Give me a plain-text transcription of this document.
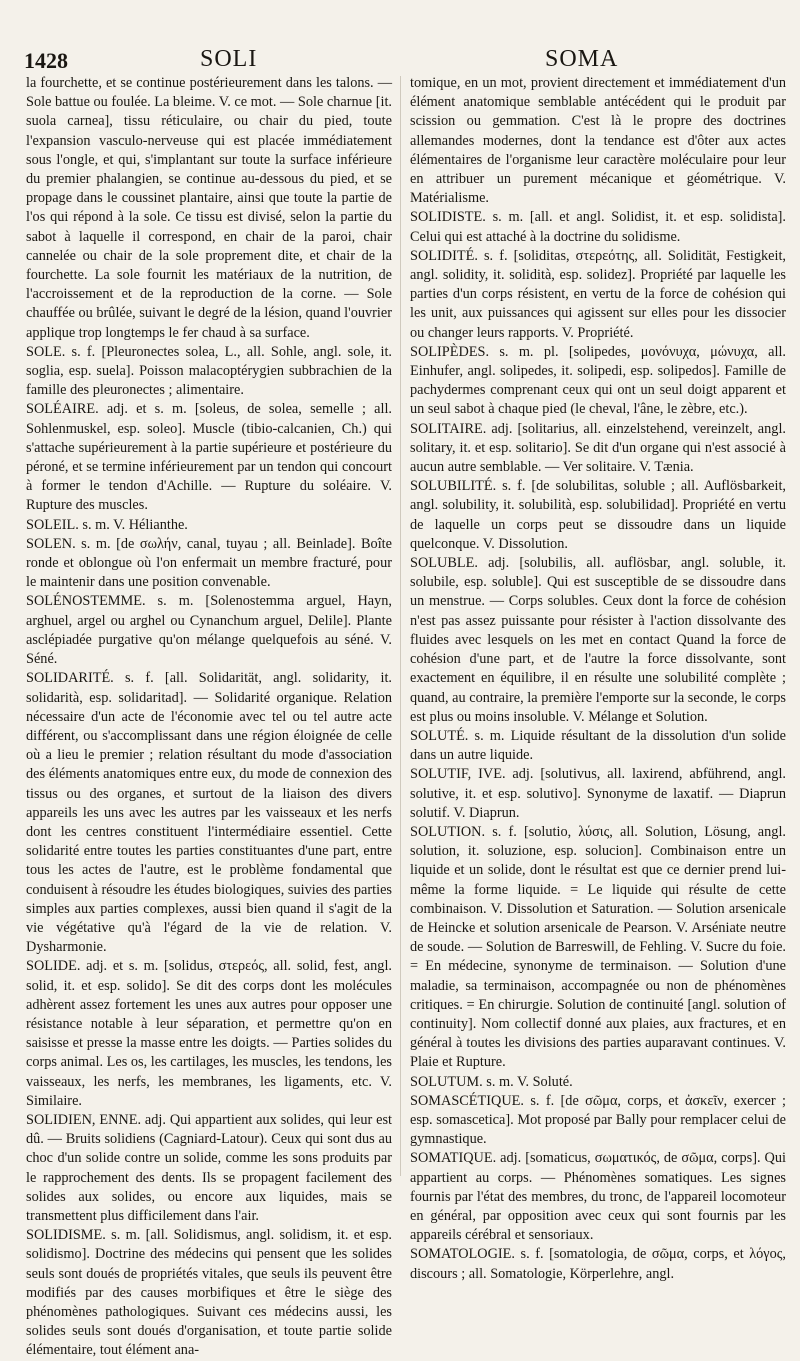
1428	SOLI	SOMA

la fourchette, et se continue postérieurement dans les talons. — Sole battue ou foulée. La bleime. V. ce mot. — Sole charnue [it. suola carnea], tissu réticulaire, ou chair du pied, toute l'expansion vasculo-nerveuse qui est placée immédiatement sous l'ongle, et qui, s'implantant sur toute la surface inférieure du premier phalangien, se continue au-dessous du pied, et se propage dans le coussinet plantaire, ainsi que toute la partie de l'os qui répond à la sole. Ce tissu est divisé, selon la partie du sabot à laquelle il correspond, en chair de la paroi, chair cannelée ou chair de la sole proprement dite, et chair de la fourchette. La sole fournit les matériaux de la nutrition, de l'accroissement et de la reproduction de la corne. — Sole chauffée ou brûlée, suivant le degré de la lésion, quand l'ouvrier applique trop longtemps le fer chaud à sa surface.

SOLE. s. f. [Pleuronectes solea, L., all. Sohle, angl. sole, it. soglia, esp. suela]. Poisson malacoptérygien subbrachien de la famille des pleuronectes ; alimentaire.

SOLÉAIRE. adj. et s. m. [soleus, de solea, semelle ; all. Sohlenmuskel, esp. soleo]. Muscle (tibio-calcanien, Ch.) qui s'attache supérieurement à la partie supérieure et postérieure du péroné, et se termine inférieurement par un tendon qui concourt à former le tendon d'Achille. — Rupture du soléaire. V. Rupture des muscles.

SOLEIL. s. m. V. Hélianthe.

SOLEN. s. m. [de σωλήν, canal, tuyau ; all. Beinlade]. Boîte ronde et oblongue où l'on enfermait un membre fracturé, pour le maintenir dans une position convenable.

SOLÉNOSTEMME. s. m. [Solenostemma arguel, Hayn, arghuel, argel ou arghel ou Cynanchum arguel, Delile]. Plante asclépiadée purgative qu'on mélange quelquefois au séné. V. Séné.

SOLIDARITÉ. s. f. [all. Solidarität, angl. solidarity, it. solidarità, esp. solidaritad]. — Solidarité organique. Relation nécessaire d'un acte de l'économie avec tel ou tel autre acte différent, ou s'accomplissant dans une région éloignée de celle où a lieu le premier ; relation résultant du mode d'association des éléments anatomiques entre eux, du mode de connexion des tissus ou des organes, et surtout de la liaison des divers appareils les uns avec les autres par les vaisseaux et les nerfs dont les centres constituent l'intermédiaire essentiel. Cette solidarité entre toutes les parties constituantes d'une part, entre tous les actes de l'autre, est le problème fondamental que conduisent à résoudre les études biologiques, suivies des parties simples aux parties complexes, aussi bien quand il s'agit de la vie végétative qu'à l'égard de la vie de relation. V. Dysharmonie.

SOLIDE. adj. et s. m. [solidus, στερεός, all. solid, fest, angl. solid, it. et esp. solido]. Se dit des corps dont les molécules adhèrent assez fortement les unes aux autres pour opposer une résistance notable à leur séparation, et permettre qu'on en saisisse et presse la masse entre les doigts. — Parties solides du corps animal. Les os, les cartilages, les muscles, les tendons, les vaisseaux, les nerfs, les membranes, les ligaments, etc. V. Similaire.

SOLIDIEN, ENNE. adj. Qui appartient aux solides, qui leur est dû. — Bruits solidiens (Cagniard-Latour). Ceux qui sont dus au choc d'un solide contre un solide, comme les sons produits par le rapprochement des dents. Ils se propagent facilement des solides aux solides, ou encore aux liquides, mais se transmettent plus difficilement dans l'air.

SOLIDISME. s. m. [all. Solidismus, angl. solidism, it. et esp. solidismo]. Doctrine des médecins qui pensent que les solides seuls sont doués de propriétés vitales, que seuls ils peuvent être modifiés par des causes morbifiques et être le siège des phénomènes pathologiques. Suivant ces médecins aussi, les solides seuls sont doués d'organisation, et toute partie solide élémentaire, tout élément ana-

tomique, en un mot, provient directement et immédiatement d'un élément anatomique semblable antécédent qui le produit par scission ou gemmation. C'est là le propre des doctrines allemandes modernes, dont la tendance est d'ôter aux actes élémentaires de l'organisme leur caractère moléculaire pour leur en attribuer un purement mécanique et géométrique. V. Matérialisme.

SOLIDISTE. s. m. [all. et angl. Solidist, it. et esp. solidista]. Celui qui est attaché à la doctrine du solidisme.

SOLIDITÉ. s. f. [soliditas, στερεότης, all. Solidität, Festigkeit, angl. solidity, it. solidità, esp. solidez]. Propriété par laquelle les parties d'un corps résistent, en vertu de la force de cohésion qui les unit, aux puissances qui agissent sur elles pour les dissocier ou changer leurs rapports. V. Propriété.

SOLIPÈDES. s. m. pl. [solipedes, μονόνυχα, μώνυχα, all. Einhufer, angl. solipedes, it. solipedi, esp. solipedos]. Famille de pachydermes comprenant ceux qui ont un seul doigt apparent et un seul sabot à chaque pied (le cheval, l'âne, le zèbre, etc.).

SOLITAIRE. adj. [solitarius, all. einzelstehend, vereinzelt, angl. solitary, it. et esp. solitario]. Se dit d'un organe qui n'est associé à aucun autre semblable. — Ver solitaire. V. Tænia.

SOLUBILITÉ. s. f. [de solubilitas, soluble ; all. Auflösbarkeit, angl. solubility, it. solubilità, esp. solubilidad]. Propriété en vertu de laquelle un corps peut se dissoudre dans un liquide quelconque. V. Dissolution.

SOLUBLE. adj. [solubilis, all. auflösbar, angl. soluble, it. solubile, esp. soluble]. Qui est susceptible de se dissoudre dans un menstrue. — Corps solubles. Ceux dont la force de cohésion n'est pas assez puissante pour résister à l'action dissolvante des fluides avec lesquels on les met en contact Quand la force de cohésion d'une part, et de l'autre la force dissolvante, sont exactement en équilibre, il en résulte une solubilité complète ; quand, au contraire, la première l'emporte sur la seconde, le corps est plus ou moins insoluble. V. Mélange et Solution.

SOLUTÉ. s. m. Liquide résultant de la dissolution d'un solide dans un autre liquide.

SOLUTIF, IVE. adj. [solutivus, all. laxirend, abführend, angl. solutive, it. et esp. solutivo]. Synonyme de laxatif. — Diaprun solutif. V. Diaprun.

SOLUTION. s. f. [solutio, λύσις, all. Solution, Lösung, angl. solution, it. soluzione, esp. solucion]. Combinaison entre un liquide et un solide, dont le résultat est que ce dernier prend lui-même la forme liquide. = Le liquide qui résulte de cette combinaison. V. Dissolution et Saturation. — Solution arsenicale de Heincke et solution arsenicale de Pearson. V. Arséniate neutre de soude. — Solution de Barreswill, de Fehling. V. Sucre du foie. = En médecine, synonyme de terminaison. — Solution d'une maladie, sa terminaison, accompagnée ou non de phénomènes critiques. = En chirurgie. Solution de continuité [angl. solution of continuity]. Nom collectif donné aux plaies, aux fractures, et en général à toutes les divisions des parties auparavant continues. V. Plaie et Rupture.

SOLUTUM. s. m. V. Soluté.

SOMASCÉTIQUE. s. f. [de σῶμα, corps, et ἀσκεῖν, exercer ; esp. somascetica]. Mot proposé par Bally pour remplacer celui de gymnastique.

SOMATIQUE. adj. [somaticus, σωματικός, de σῶμα, corps]. Qui appartient au corps. — Phénomènes somatiques. Les signes fournis par l'état des membres, du tronc, de l'appareil locomoteur en général, par opposition avec ceux qui sont fournis par les appareils cérébral et sensoriaux.

SOMATOLOGIE. s. f. [somatologia, de σῶμα, corps, et λόγος, discours ; all. Somatologie, Körperlehre, angl.
